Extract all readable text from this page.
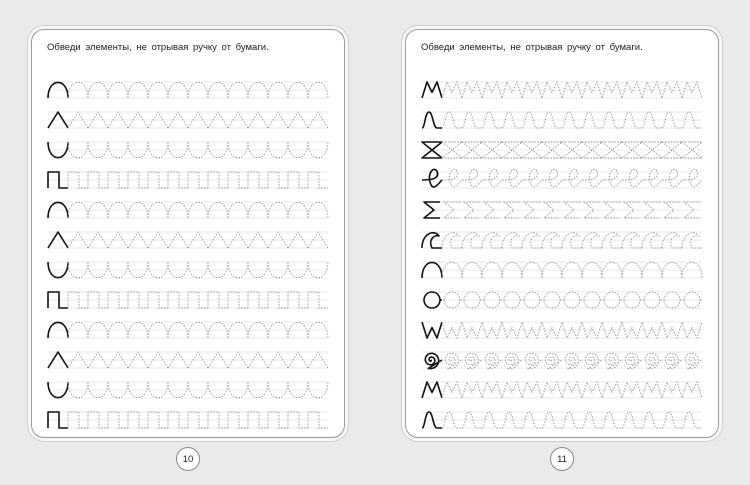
Обведи элементы, не отрывая ручку от бумаги.	Обведи элементы, не отрывая ручку от бумаги.
10	11
